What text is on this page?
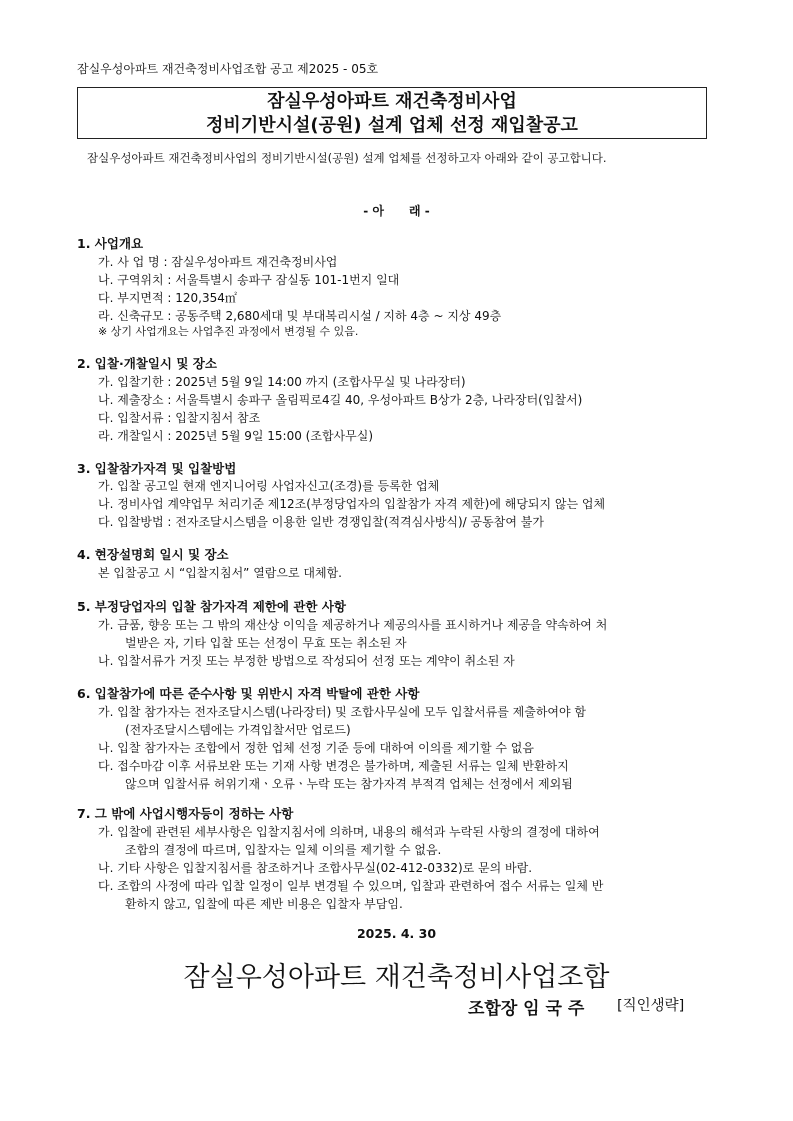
잠실우성아파트 재건축정비사업조합 공고 제2025 - 05호
잠실우성아파트 재건축정비사업
정비기반시설(공원) 설계 업체 선정 재입찰공고
잠실우성아파트 재건축정비사업의 정비기반시설(공원) 설계 업체를 선정하고자 아래와 같이 공고합니다.
- 아      래 -
1. 사업개요
가. 사 업 명 : 잠실우성아파트 재건축정비사업
나. 구역위치 : 서울특별시 송파구 잠실동 101-1번지 일대
다. 부지면적 : 120,354㎡
라. 신축규모 : 공동주택 2,680세대 및 부대복리시설 / 지하 4층 ~ 지상 49층
※ 상기 사업개요는 사업추진 과정에서 변경될 수 있음.
2. 입찰·개찰일시 및 장소
가. 입찰기한 : 2025년 5월 9일 14:00 까지 (조합사무실 및 나라장터)
나. 제출장소 : 서울특별시 송파구 올림픽로4길 40, 우성아파트 B상가 2층, 나라장터(입찰서)
다. 입찰서류 : 입찰지침서 참조
라. 개찰일시 : 2025년 5월 9일 15:00 (조합사무실)
3. 입찰참가자격 및 입찰방법
가. 입찰 공고일 현재 엔지니어링 사업자신고(조경)를 등록한 업체
나. 정비사업 계약업무 처리기준 제12조(부정당업자의 입찰참가 자격 제한)에 해당되지 않는 업체
다. 입찰방법 : 전자조달시스템을 이용한 일반 경쟁입찰(적격심사방식)/ 공동참여 불가
4. 현장설명회 일시 및 장소
본 입찰공고 시 “입찰지침서” 열람으로 대체함.
5. 부정당업자의 입찰 참가자격 제한에 관한 사항
가. 금품, 향응 또는 그 밖의 재산상 이익을 제공하거나 제공의사를 표시하거나 제공을 약속하여 처
벌받은 자, 기타 입찰 또는 선정이 무효 또는 취소된 자
나. 입찰서류가 거짓 또는 부정한 방법으로 작성되어 선정 또는 계약이 취소된 자
6. 입찰참가에 따른 준수사항 및 위반시 자격 박탈에 관한 사항
가. 입찰 참가자는 전자조달시스템(나라장터) 및 조합사무실에 모두 입찰서류를 제출하여야 함
(전자조달시스템에는 가격입찰서만 업로드)
나. 입찰 참가자는 조합에서 정한 업체 선정 기준 등에 대하여 이의를 제기할 수 없음
다. 접수마감 이후 서류보완 또는 기재 사항 변경은 불가하며, 제출된 서류는 일체 반환하지
않으며 입찰서류 허위기재ㆍ오류ㆍ누락 또는 참가자격 부적격 업체는 선정에서 제외됨
7. 그 밖에 사업시행자등이 정하는 사항
가. 입찰에 관련된 세부사항은 입찰지침서에 의하며, 내용의 해석과 누락된 사항의 결정에 대하여
조합의 결정에 따르며, 입찰자는 일체 이의를 제기할 수 없음.
나. 기타 사항은 입찰지침서를 참조하거나 조합사무실(02-412-0332)로 문의 바람.
다. 조합의 사정에 따라 입찰 일정이 일부 변경될 수 있으며, 입찰과 관련하여 접수 서류는 일체 반
환하지 않고, 입찰에 따른 제반 비용은 입찰자 부담임.
2025. 4. 30
잠실우성아파트 재건축정비사업조합
조합장 임 국 주 [직인생략]
